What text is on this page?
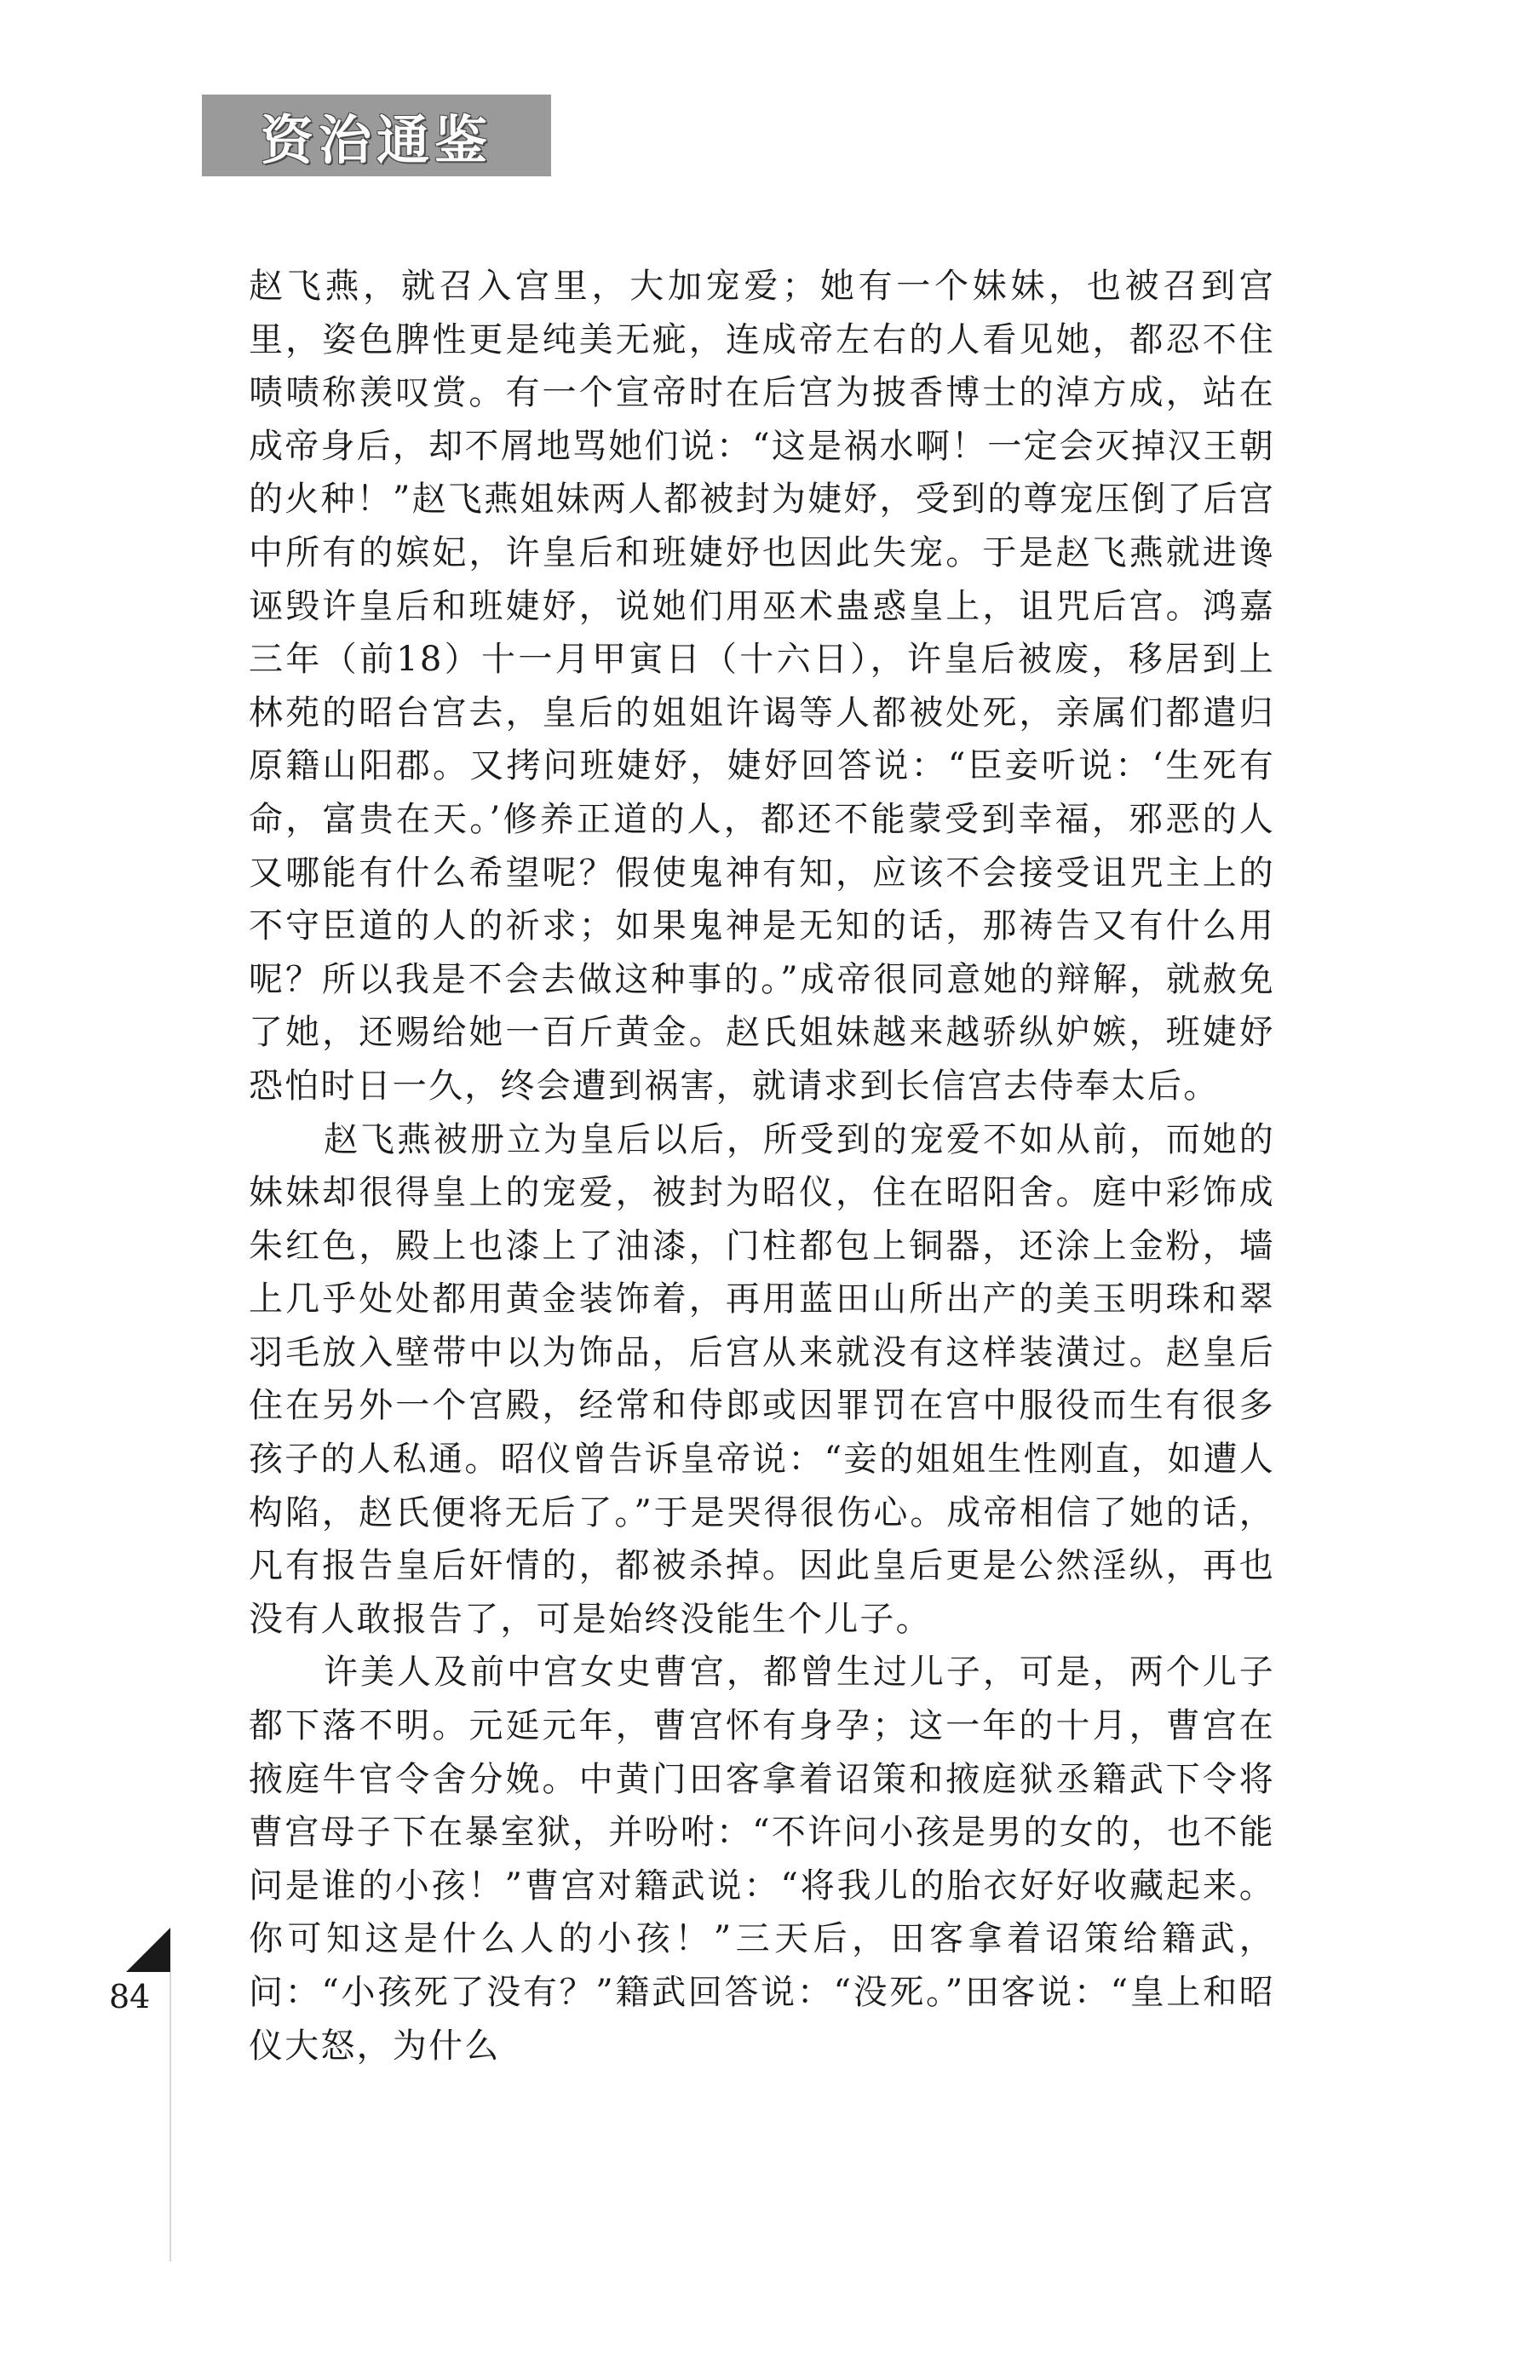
资治通鉴

赵飞燕，就召入宫里，大加宠爱；她有一个妹妹，也被召到宫里，姿色脾性更是纯美无疵，连成帝左右的人看见她，都忍不住啧啧称羡叹赏。有一个宣帝时在后宫为披香博士的淖方成，站在成帝身后，却不屑地骂她们说：“这是祸水啊！一定会灭掉汉王朝的火种！”赵飞燕姐妹两人都被封为婕妤，受到的尊宠压倒了后宫中所有的嫔妃，许皇后和班婕妤也因此失宠。于是赵飞燕就进谗诬毁许皇后和班婕妤，说她们用巫术蛊惑皇上，诅咒后宫。鸿嘉三年（前18）十一月甲寅日（十六日），许皇后被废，移居到上林苑的昭台宫去，皇后的姐姐许谒等人都被处死，亲属们都遣归原籍山阳郡。又拷问班婕妤，婕妤回答说：“臣妾听说：‘生死有命，富贵在天。’修养正道的人，都还不能蒙受到幸福，邪恶的人又哪能有什么希望呢？假使鬼神有知，应该不会接受诅咒主上的不守臣道的人的祈求；如果鬼神是无知的话，那祷告又有什么用呢？所以我是不会去做这种事的。”成帝很同意她的辩解，就赦免了她，还赐给她一百斤黄金。赵氏姐妹越来越骄纵妒嫉，班婕妤恐怕时日一久，终会遭到祸害，就请求到长信宫去侍奉太后。

赵飞燕被册立为皇后以后，所受到的宠爱不如从前，而她的妹妹却很得皇上的宠爱，被封为昭仪，住在昭阳舍。庭中彩饰成朱红色，殿上也漆上了油漆，门柱都包上铜器，还涂上金粉，墙上几乎处处都用黄金装饰着，再用蓝田山所出产的美玉明珠和翠羽毛放入壁带中以为饰品，后宫从来就没有这样装潢过。赵皇后住在另外一个宫殿，经常和侍郎或因罪罚在宫中服役而生有很多孩子的人私通。昭仪曾告诉皇帝说：“妾的姐姐生性刚直，如遭人构陷，赵氏便将无后了。”于是哭得很伤心。成帝相信了她的话，凡有报告皇后奸情的，都被杀掉。因此皇后更是公然淫纵，再也没有人敢报告了，可是始终没能生个儿子。

许美人及前中宫女史曹宫，都曾生过儿子，可是，两个儿子都下落不明。元延元年，曹宫怀有身孕；这一年的十月，曹宫在掖庭牛官令舍分娩。中黄门田客拿着诏策和掖庭狱丞籍武下令将曹宫母子下在暴室狱，并吩咐：“不许问小孩是男的女的，也不能问是谁的小孩！”曹宫对籍武说：“将我儿的胎衣好好收藏起来。你可知这是什么人的小孩！”三天后，田客拿着诏策给籍武，问：“小孩死了没有？”籍武回答说：“没死。”田客说：“皇上和昭仪大怒，为什么

84
